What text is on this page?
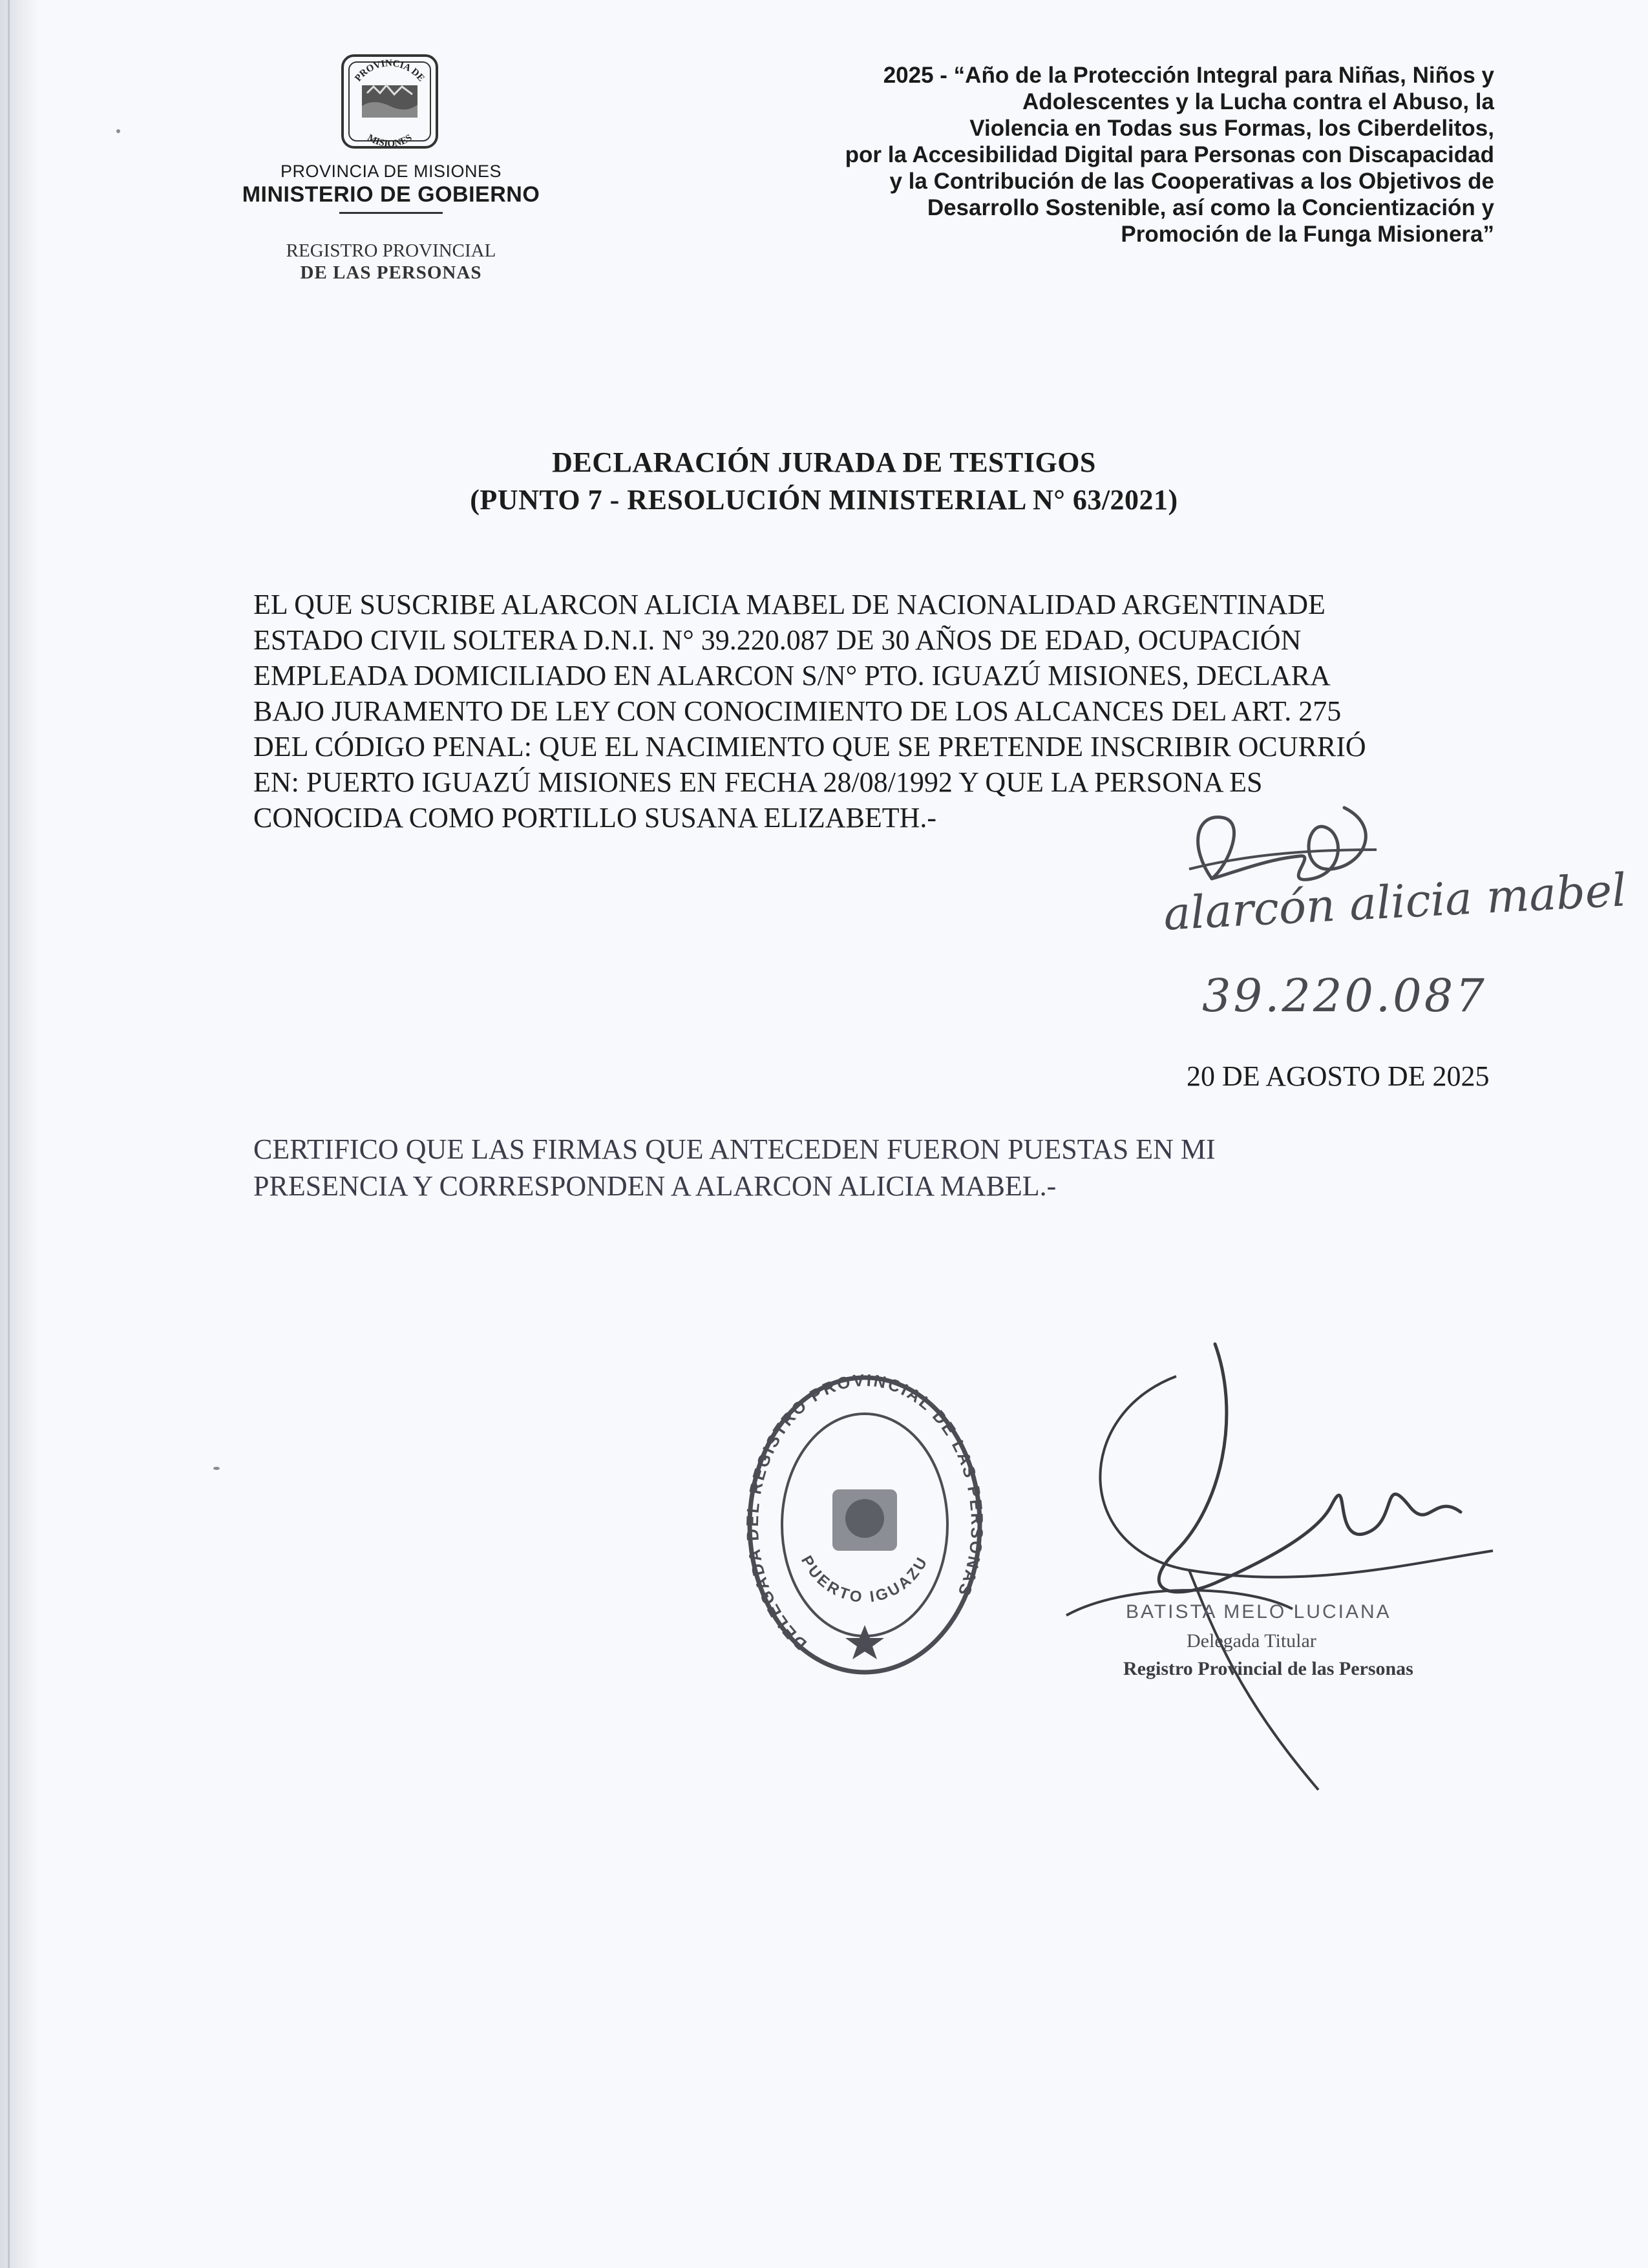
PROVINCIA DE
MISIONES
PROVINCIA DE MISIONES
MINISTERIO DE GOBIERNO
REGISTRO PROVINCIAL
DE LAS PERSONAS
2025 - “Año de la Protección Integral para Niñas, Niños y
Adolescentes y la Lucha contra el Abuso, la
Violencia en Todas sus Formas, los Ciberdelitos,
por la Accesibilidad Digital para Personas con Discapacidad
y la Contribución de las Cooperativas a los Objetivos de
Desarrollo Sostenible, así como la Concientización y
Promoción de la Funga Misionera”
DECLARACIÓN JURADA DE TESTIGOS
(PUNTO 7 - RESOLUCIÓN MINISTERIAL N° 63/2021)
EL QUE SUSCRIBE ALARCON ALICIA MABEL DE NACIONALIDAD ARGENTINADE
ESTADO CIVIL SOLTERA D.N.I. N° 39.220.087 DE 30 AÑOS DE EDAD, OCUPACIÓN
EMPLEADA DOMICILIADO EN ALARCON S/N° PTO. IGUAZÚ MISIONES, DECLARA
BAJO JURAMENTO DE LEY CON CONOCIMIENTO DE LOS ALCANCES DEL ART. 275
DEL CÓDIGO PENAL: QUE EL NACIMIENTO QUE SE PRETENDE INSCRIBIR OCURRIÓ
EN: PUERTO IGUAZÚ MISIONES EN FECHA 28/08/1992 Y QUE LA PERSONA ES
CONOCIDA COMO PORTILLO SUSANA ELIZABETH.-
alarcón alicia mabel
39.220.087
20 DE AGOSTO DE 2025
CERTIFICO QUE LAS FIRMAS QUE ANTECEDEN FUERON PUESTAS EN MI
PRESENCIA Y CORRESPONDEN A ALARCON ALICIA MABEL.-
DELEGADA DEL REGISTRO PROVINCIAL DE LAS PERSONAS
PUERTO IGUAZU
BATISTA MELO LUCIANA
Delegada Titular
Registro Provincial de las Personas
